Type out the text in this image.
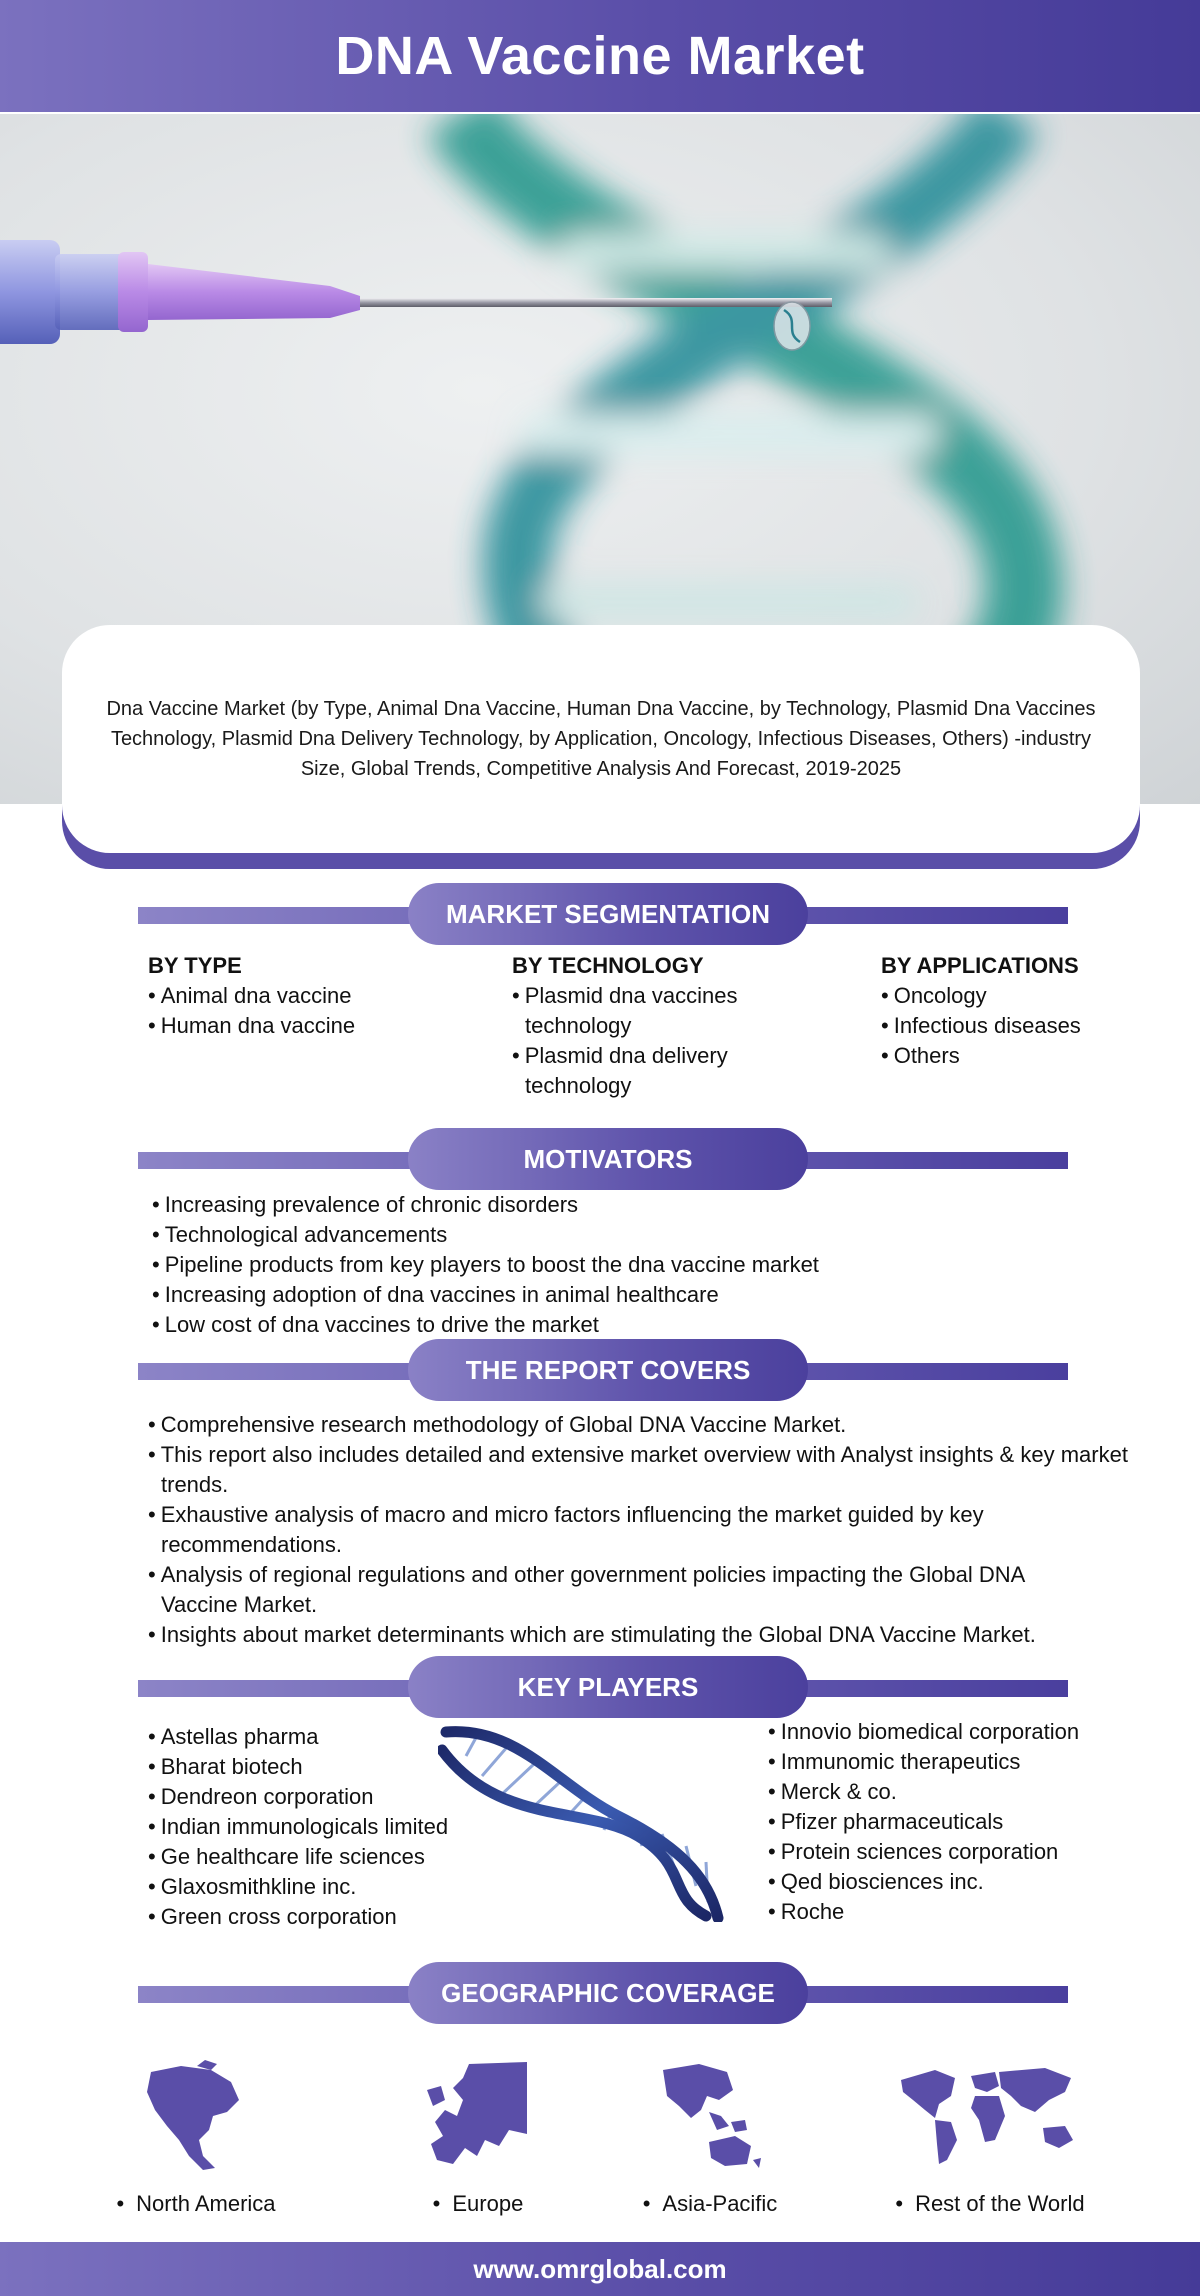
DNA Vaccine Market

Dna Vaccine Market (by Type, Animal Dna Vaccine, Human Dna Vaccine, by Technology, Plasmid Dna Vaccines Technology, Plasmid Dna Delivery Technology, by Application, Oncology, Infectious Diseases, Others) -industry Size, Global Trends, Competitive Analysis And Forecast, 2019-2025

MARKET SEGMENTATION
BY TYPE
• Animal dna vaccine
• Human dna vaccine
BY TECHNOLOGY
• Plasmid dna vaccines technology
• Plasmid dna delivery technology
BY APPLICATIONS
• Oncology
• Infectious diseases
• Others
MOTIVATORS
• Increasing prevalence of chronic disorders
• Technological advancements
• Pipeline products from key players to boost the dna vaccine market
• Increasing adoption of dna vaccines in animal healthcare
• Low cost of dna vaccines to drive the market
THE REPORT COVERS
• Comprehensive research methodology of Global DNA Vaccine Market.
• This report also includes detailed and extensive market overview with Analyst insights & key market trends.
• Exhaustive analysis of macro and micro factors influencing the market guided by key recommendations.
• Analysis of regional regulations and other government policies impacting the Global DNA Vaccine Market.
• Insights about market determinants which are stimulating the Global DNA Vaccine Market.
KEY PLAYERS
• Astellas pharma
• Bharat biotech
• Dendreon corporation
• Indian immunologicals limited
• Ge healthcare life sciences
• Glaxosmithkline inc.
• Green cross corporation
• Innovio biomedical corporation
• Immunomic therapeutics
• Merck & co.
• Pfizer pharmaceuticals
• Protein sciences corporation
• Qed biosciences inc.
• Roche
GEOGRAPHIC COVERAGE
• North America	• Europe	• Asia-Pacific	• Rest of the World
www.omrglobal.com
